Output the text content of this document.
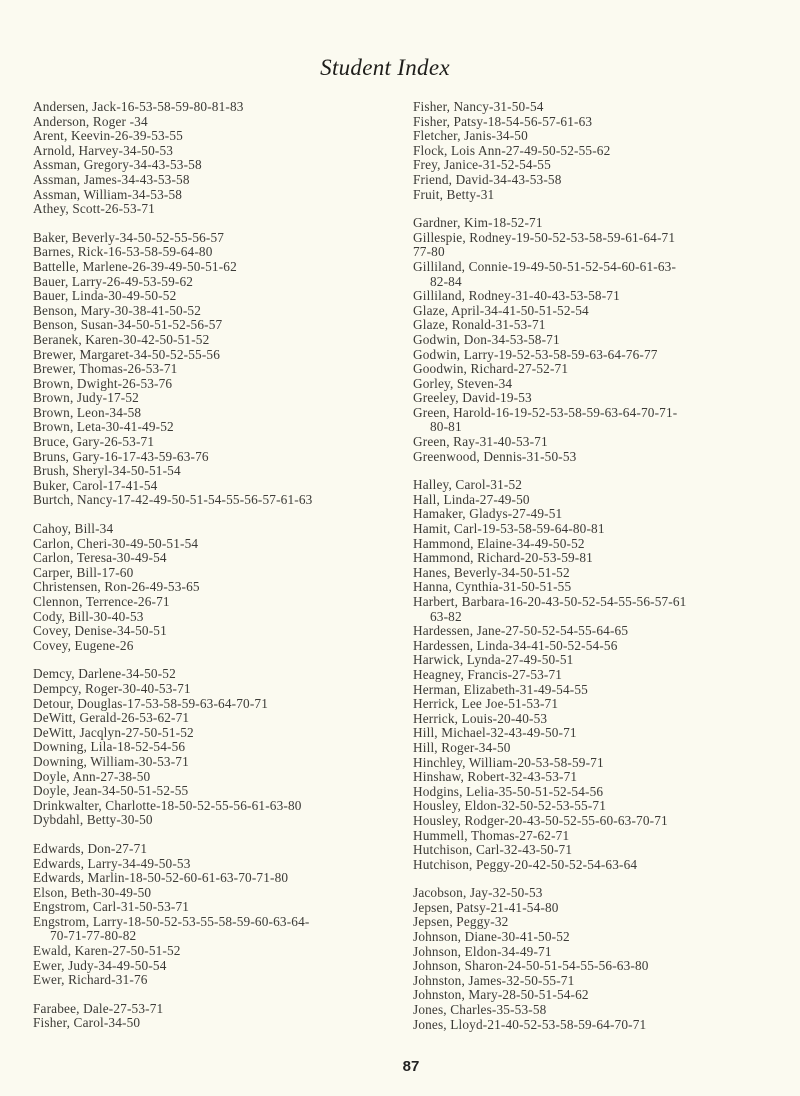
Student Index
Andersen, Jack-16-53-58-59-80-81-83
Anderson, Roger -34
Arent, Keevin-26-39-53-55
Arnold, Harvey-34-50-53
Assman, Gregory-34-43-53-58
Assman, James-34-43-53-58
Assman, William-34-53-58
Athey, Scott-26-53-71
Baker, Beverly-34-50-52-55-56-57
Barnes, Rick-16-53-58-59-64-80
Battelle, Marlene-26-39-49-50-51-62
Bauer, Larry-26-49-53-59-62
Bauer, Linda-30-49-50-52
Benson, Mary-30-38-41-50-52
Benson, Susan-34-50-51-52-56-57
Beranek, Karen-30-42-50-51-52
Brewer, Margaret-34-50-52-55-56
Brewer, Thomas-26-53-71
Brown, Dwight-26-53-76
Brown, Judy-17-52
Brown, Leon-34-58
Brown, Leta-30-41-49-52
Bruce, Gary-26-53-71
Bruns, Gary-16-17-43-59-63-76
Brush, Sheryl-34-50-51-54
Buker, Carol-17-41-54
Burtch, Nancy-17-42-49-50-51-54-55-56-57-61-63
Cahoy, Bill-34
Carlon, Cheri-30-49-50-51-54
Carlon, Teresa-30-49-54
Carper, Bill-17-60
Christensen, Ron-26-49-53-65
Clennon, Terrence-26-71
Cody, Bill-30-40-53
Covey, Denise-34-50-51
Covey, Eugene-26
Demcy, Darlene-34-50-52
Dempcy, Roger-30-40-53-71
Detour, Douglas-17-53-58-59-63-64-70-71
DeWitt, Gerald-26-53-62-71
DeWitt, Jacqlyn-27-50-51-52
Downing, Lila-18-52-54-56
Downing, William-30-53-71
Doyle, Ann-27-38-50
Doyle, Jean-34-50-51-52-55
Drinkwalter, Charlotte-18-50-52-55-56-61-63-80
Dybdahl, Betty-30-50
Edwards, Don-27-71
Edwards, Larry-34-49-50-53
Edwards, Marlin-18-50-52-60-61-63-70-71-80
Elson, Beth-30-49-50
Engstrom, Carl-31-50-53-71
Engstrom, Larry-18-50-52-53-55-58-59-60-63-64-
70-71-77-80-82
Ewald, Karen-27-50-51-52
Ewer, Judy-34-49-50-54
Ewer, Richard-31-76
Farabee, Dale-27-53-71
Fisher, Carol-34-50
Fisher, Nancy-31-50-54
Fisher, Patsy-18-54-56-57-61-63
Fletcher, Janis-34-50
Flock, Lois Ann-27-49-50-52-55-62
Frey, Janice-31-52-54-55
Friend, David-34-43-53-58
Fruit, Betty-31
Gardner, Kim-18-52-71
Gillespie, Rodney-19-50-52-53-58-59-61-64-71
77-80
Gilliland, Connie-19-49-50-51-52-54-60-61-63-
82-84
Gilliland, Rodney-31-40-43-53-58-71
Glaze, April-34-41-50-51-52-54
Glaze, Ronald-31-53-71
Godwin, Don-34-53-58-71
Godwin, Larry-19-52-53-58-59-63-64-76-77
Goodwin, Richard-27-52-71
Gorley, Steven-34
Greeley, David-19-53
Green, Harold-16-19-52-53-58-59-63-64-70-71-
80-81
Green, Ray-31-40-53-71
Greenwood, Dennis-31-50-53
Halley, Carol-31-52
Hall, Linda-27-49-50
Hamaker, Gladys-27-49-51
Hamit, Carl-19-53-58-59-64-80-81
Hammond, Elaine-34-49-50-52
Hammond, Richard-20-53-59-81
Hanes, Beverly-34-50-51-52
Hanna, Cynthia-31-50-51-55
Harbert, Barbara-16-20-43-50-52-54-55-56-57-61
63-82
Hardessen, Jane-27-50-52-54-55-64-65
Hardessen, Linda-34-41-50-52-54-56
Harwick, Lynda-27-49-50-51
Heagney, Francis-27-53-71
Herman, Elizabeth-31-49-54-55
Herrick, Lee Joe-51-53-71
Herrick, Louis-20-40-53
Hill, Michael-32-43-49-50-71
Hill, Roger-34-50
Hinchley, William-20-53-58-59-71
Hinshaw, Robert-32-43-53-71
Hodgins, Lelia-35-50-51-52-54-56
Housley, Eldon-32-50-52-53-55-71
Housley, Rodger-20-43-50-52-55-60-63-70-71
Hummell, Thomas-27-62-71
Hutchison, Carl-32-43-50-71
Hutchison, Peggy-20-42-50-52-54-63-64
Jacobson, Jay-32-50-53
Jepsen, Patsy-21-41-54-80
Jepsen, Peggy-32
Johnson, Diane-30-41-50-52
Johnson, Eldon-34-49-71
Johnson, Sharon-24-50-51-54-55-56-63-80
Johnston, James-32-50-55-71
Johnston, Mary-28-50-51-54-62
Jones, Charles-35-53-58
Jones, Lloyd-21-40-52-53-58-59-64-70-71
87
